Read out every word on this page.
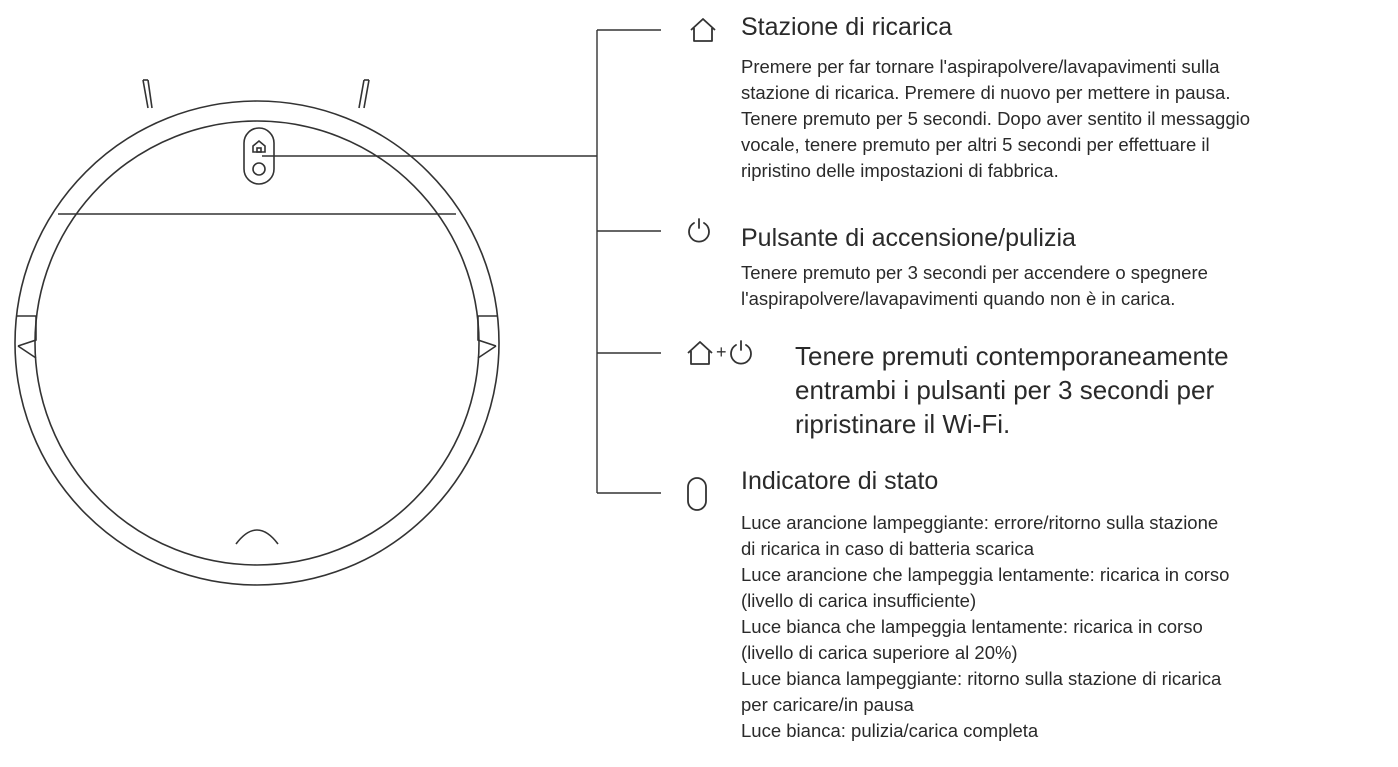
Stazione di ricarica
Premere per far tornare l'aspirapolvere/lavapavimenti sulla
stazione di ricarica. Premere di nuovo per mettere in pausa.
Tenere premuto per 5 secondi. Dopo aver sentito il messaggio
vocale, tenere premuto per altri 5 secondi per effettuare il
ripristino delle impostazioni di fabbrica.
Pulsante di accensione/pulizia
Tenere premuto per 3 secondi per accendere o spegnere
l'aspirapolvere/lavapavimenti quando non è in carica.
+	Tenere premuti contemporaneamente
entrambi i pulsanti per 3 secondi per
ripristinare il Wi-Fi.
Indicatore di stato
Luce arancione lampeggiante: errore/ritorno sulla stazione
di ricarica in caso di batteria scarica
Luce arancione che lampeggia lentamente: ricarica in corso
(livello di carica insufficiente)
Luce bianca che lampeggia lentamente: ricarica in corso
(livello di carica superiore al 20%)
Luce bianca lampeggiante: ritorno sulla stazione di ricarica
per caricare/in pausa
Luce bianca: pulizia/carica completa
